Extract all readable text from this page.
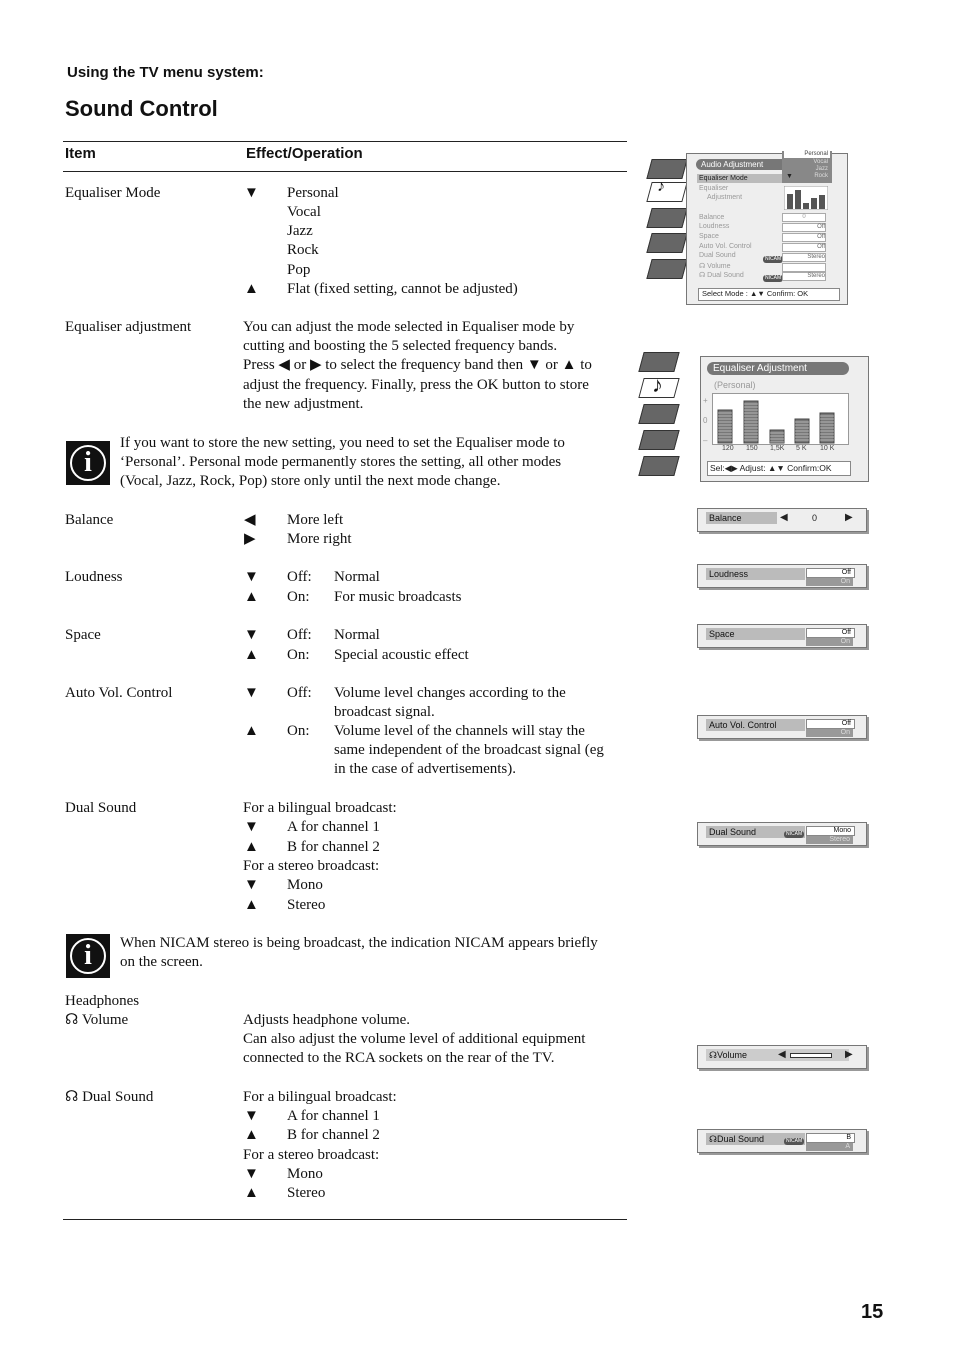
Using the TV menu system:
Sound Control
Item	Effect/Operation
Equaliser Mode	▼ Personal
Vocal
Jazz
Rock
Pop
▲ Flat (fixed setting, cannot be adjusted)
Equaliser adjustment	You can adjust the mode selected in Equaliser mode by
cutting and boosting the 5 selected frequency bands.
Press ◀ or ▶ to select the frequency band then ▼ or ▲ to
adjust the frequency. Finally, press the OK button to store
the new adjustment.
i
If you want to store the new setting, you need to set the Equaliser mode to
‘Personal’. Personal mode permanently stores the setting, all other modes
(Vocal, Jazz, Rock, Pop) store only until the next mode change.
Balance	◀ More left
▶ More right
Loudness	▼ Off: Normal
▲ On: For music broadcasts
Space	▼ Off: Normal
▲ On: Special acoustic effect
Auto Vol. Control	▼ Off: Volume level changes according to the
broadcast signal.
▲ On: Volume level of the channels will stay the
same independent of the broadcast signal (eg
in the case of advertisements).
Dual Sound	For a bilingual broadcast:
▼ A for channel 1
▲ B for channel 2
For a stereo broadcast:
▼ Mono
▲ Stereo
i	When NICAM stereo is being broadcast, the indication NICAM appears briefly
on the screen.
Headphones
☊ Volume	Adjusts headphone volume.
Can also adjust the volume level of additional equipment
connected to the RCA sockets on the rear of the TV.
☊ Dual Sound	For a bilingual broadcast:
▼ A for channel 1
▲ B for channel 2
For a stereo broadcast:
▼ Mono
▲ Stereo
♪
Audio Adjustment
Personal
Vocal
Jazz
Rock
Equaliser Mode	▼
Equaliser
Adjustment
Balance
Loudness
Space
Auto Vol. Control
Dual Sound
☊ Volume
☊ Dual Sound
NICAM
NICAM
0
Off
Off
Off
Stereo
Stereo
Select Mode : ▲▼ Confirm: OK
♪
Equaliser Adjustment
(Personal)
+
0
–
120 150 1,5K 5 K 10 K
Sel:◀▶ Adjust: ▲▼ Confirm:OK
Balance	◀	0	▶
Loudness	Off
On
Space	Off
On
Auto Vol. Control	Off
On
Dual Sound	NICAM	Mono
Stereo
☊Volume	◀	▶
☊Dual Sound	NICAM	B
A
15
